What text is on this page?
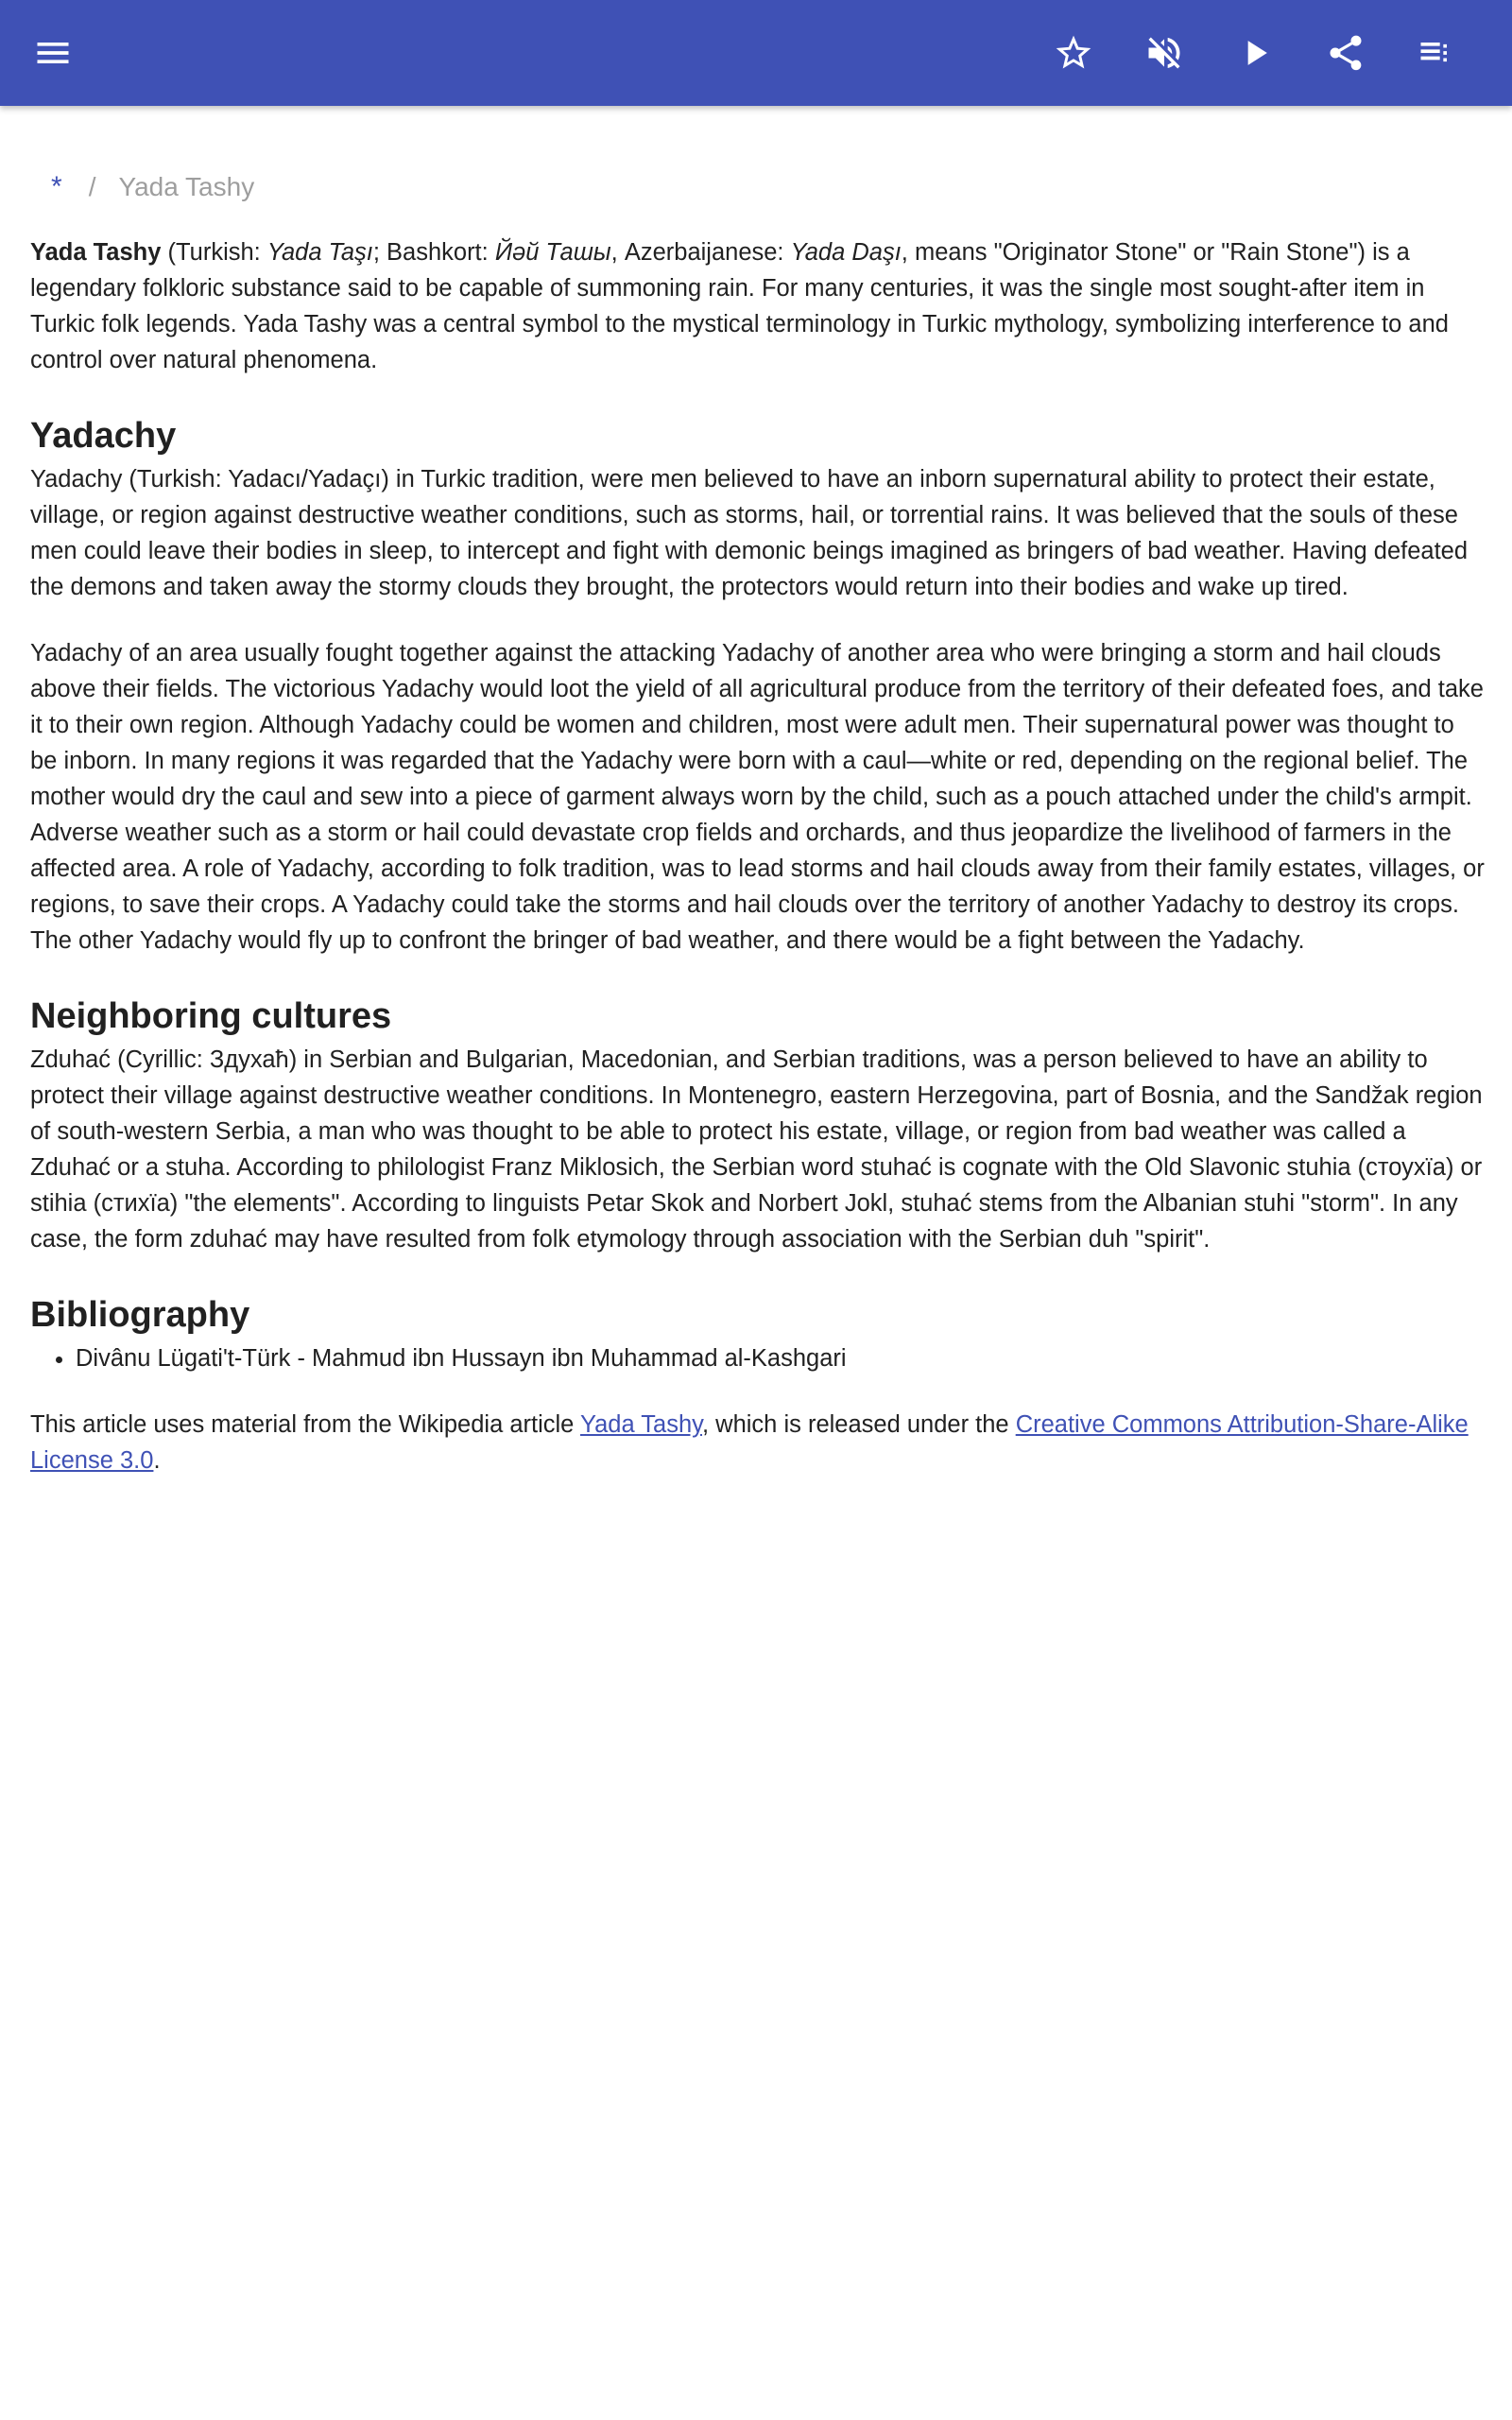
* / Yada Tashy

Yada Tashy (Turkish: Yada Taşı; Bashkort: Йәй Ташы, Azerbaijanese: Yada Daşı, means "Originator Stone" or "Rain Stone") is a legendary folkloric substance said to be capable of summoning rain. For many centuries, it was the single most sought-after item in Turkic folk legends. Yada Tashy was a central symbol to the mystical terminology in Turkic mythology, symbolizing interference to and control over natural phenomena.

Yadachy

Yadachy (Turkish: Yadacı/Yadaçı) in Turkic tradition, were men believed to have an inborn supernatural ability to protect their estate, village, or region against destructive weather conditions, such as storms, hail, or torrential rains. It was believed that the souls of these men could leave their bodies in sleep, to intercept and fight with demonic beings imagined as bringers of bad weather. Having defeated the demons and taken away the stormy clouds they brought, the protectors would return into their bodies and wake up tired.

Yadachy of an area usually fought together against the attacking Yadachy of another area who were bringing a storm and hail clouds above their fields. The victorious Yadachy would loot the yield of all agricultural produce from the territory of their defeated foes, and take it to their own region. Although Yadachy could be women and children, most were adult men. Their supernatural power was thought to be inborn. In many regions it was regarded that the Yadachy were born with a caul—white or red, depending on the regional belief. The mother would dry the caul and sew into a piece of garment always worn by the child, such as a pouch attached under the child's armpit. Adverse weather such as a storm or hail could devastate crop fields and orchards, and thus jeopardize the livelihood of farmers in the affected area. A role of Yadachy, according to folk tradition, was to lead storms and hail clouds away from their family estates, villages, or regions, to save their crops. A Yadachy could take the storms and hail clouds over the territory of another Yadachy to destroy its crops. The other Yadachy would fly up to confront the bringer of bad weather, and there would be a fight between the Yadachy.

Neighboring cultures

Zduhać (Cyrillic: Здухаћ) in Serbian and Bulgarian, Macedonian, and Serbian traditions, was a person believed to have an ability to protect their village against destructive weather conditions. In Montenegro, eastern Herzegovina, part of Bosnia, and the Sandžak region of south-western Serbia, a man who was thought to be able to protect his estate, village, or region from bad weather was called a Zduhać or a stuha. According to philologist Franz Miklosich, the Serbian word stuhać is cognate with the Old Slavonic stuhia (стоухïа) or stihia (стихïа) "the elements". According to linguists Petar Skok and Norbert Jokl, stuhać stems from the Albanian stuhi "storm". In any case, the form zduhać may have resulted from folk etymology through association with the Serbian duh "spirit".

Bibliography
• Divânu Lügati't-Türk - Mahmud ibn Hussayn ibn Muhammad al-Kashgari

This article uses material from the Wikipedia article Yada Tashy, which is released under the Creative Commons Attribution-Share-Alike License 3.0.
